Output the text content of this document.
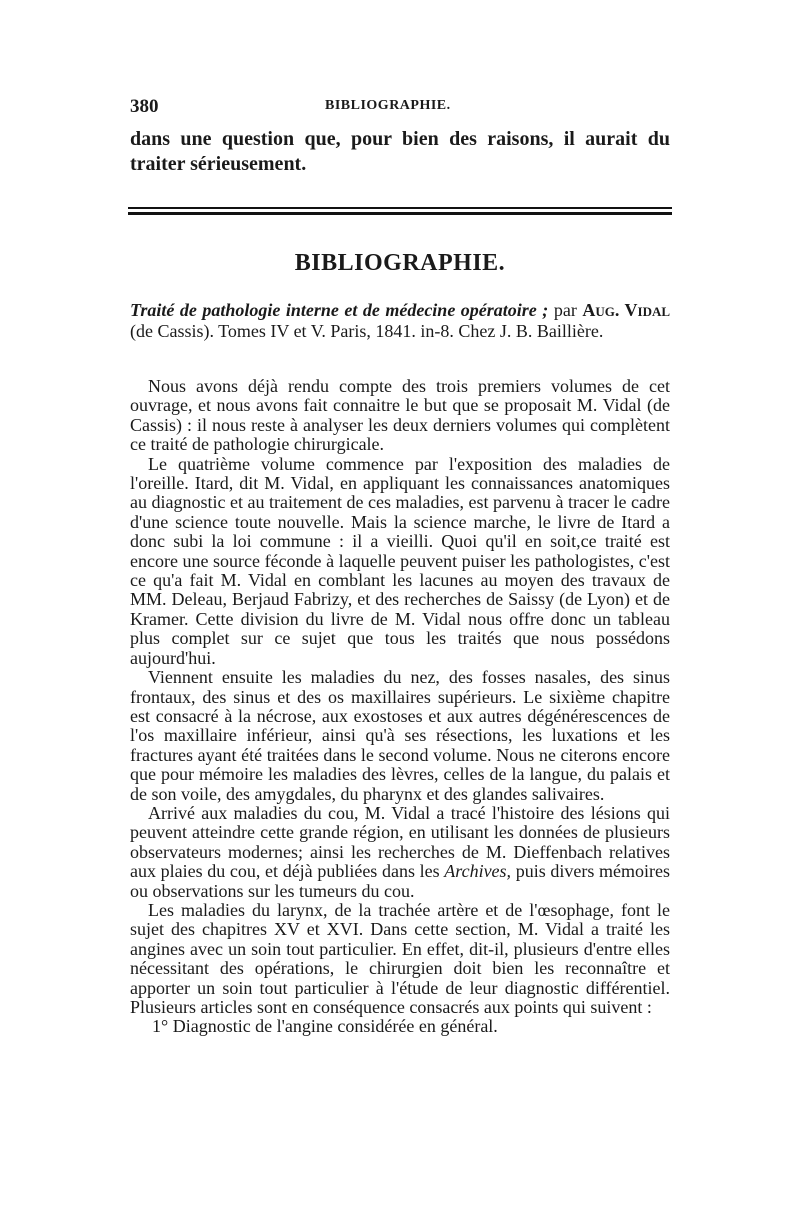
380	BIBLIOGRAPHIE.
dans une question que, pour bien des raisons, il aurait du traiter sérieusement.
BIBLIOGRAPHIE.
Traité de pathologie interne et de médecine opératoire ; par Aug. Vidal (de Cassis). Tomes IV et V. Paris, 1841. in-8. Chez J. B. Baillière.

Nous avons déjà rendu compte des trois premiers volumes de cet ouvrage, et nous avons fait connaitre le but que se proposait M. Vidal (de Cassis) : il nous reste à analyser les deux derniers volumes qui complètent ce traité de pathologie chirurgicale.

Le quatrième volume commence par l'exposition des maladies de l'oreille. Itard, dit M. Vidal, en appliquant les connaissances anatomiques au diagnostic et au traitement de ces maladies, est parvenu à tracer le cadre d'une science toute nouvelle. Mais la science marche, le livre de Itard a donc subi la loi commune : il a vieilli. Quoi qu'il en soit,ce traité est encore une source féconde à laquelle peuvent puiser les pathologistes, c'est ce qu'a fait M. Vidal en comblant les lacunes au moyen des travaux de MM. Deleau, Berjaud Fabrizy, et des recherches de Saissy (de Lyon) et de Kramer. Cette division du livre de M. Vidal nous offre donc un tableau plus complet sur ce sujet que tous les traités que nous possédons aujourd'hui.

Viennent ensuite les maladies du nez, des fosses nasales, des sinus frontaux, des sinus et des os maxillaires supérieurs. Le sixième chapitre est consacré à la nécrose, aux exostoses et aux autres dégénérescences de l'os maxillaire inférieur, ainsi qu'à ses résections, les luxations et les fractures ayant été traitées dans le second volume. Nous ne citerons encore que pour mémoire les maladies des lèvres, celles de la langue, du palais et de son voile, des amygdales, du pharynx et des glandes salivaires.

Arrivé aux maladies du cou, M. Vidal a tracé l'histoire des lésions qui peuvent atteindre cette grande région, en utilisant les données de plusieurs observateurs modernes; ainsi les recherches de M. Dieffenbach relatives aux plaies du cou, et déjà publiées dans les Archives, puis divers mémoires ou observations sur les tumeurs du cou.

Les maladies du larynx, de la trachée artère et de l'œsophage, font le sujet des chapitres XV et XVI. Dans cette section, M. Vidal a traité les angines avec un soin tout particulier. En effet, dit-il, plusieurs d'entre elles nécessitant des opérations, le chirurgien doit bien les reconnaître et apporter un soin tout particulier à l'étude de leur diagnostic différentiel. Plusieurs articles sont en conséquence consacrés aux points qui suivent :

1° Diagnostic de l'angine considérée en général.
